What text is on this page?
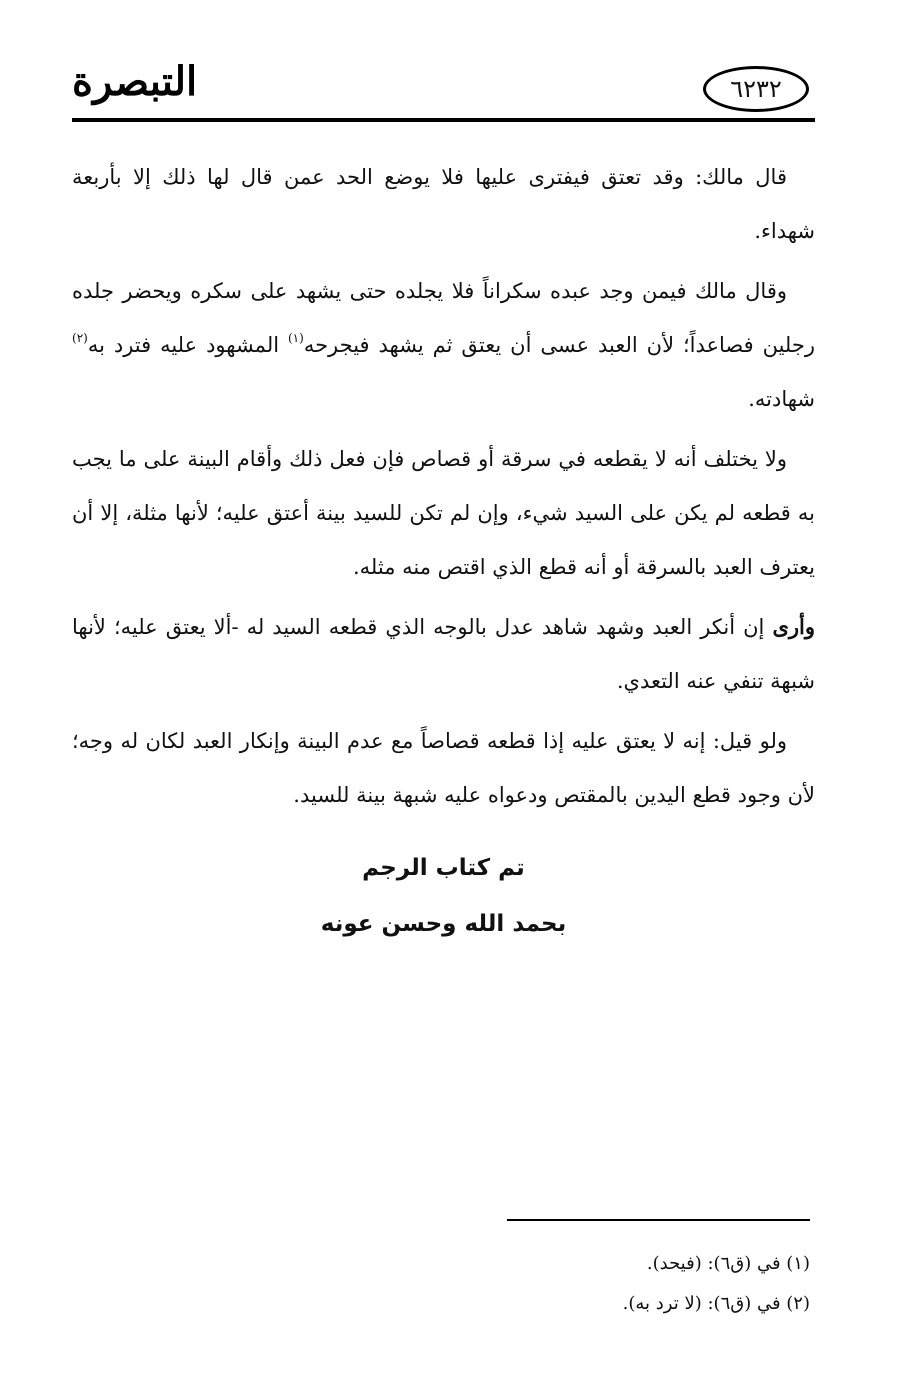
التبصرة	٦٢٣٢

قال مالك: وقد تعتق فيفترى عليها فلا يوضع الحد عمن قال لها ذلك إلا بأربعة شهداء.

وقال مالك فيمن وجد عبده سكراناً فلا يجلده حتى يشهد على سكره ويحضر جلده رجلين فصاعداً؛ لأن العبد عسى أن يعتق ثم يشهد فيجرحه$^{(١)}$ المشهود عليه فترد به$^{(٢)}$ شهادته.

ولا يختلف أنه لا يقطعه في سرقة أو قصاص فإن فعل ذلك وأقام البينة على ما يجب به قطعه لم يكن على السيد شيء، وإن لم تكن للسيد بينة أعتق عليه؛ لأنها مثلة، إلا أن يعترف العبد بالسرقة أو أنه قطع الذي اقتص منه مثله.

وأرى إن أنكر العبد وشهد شاهد عدل بالوجه الذي قطعه السيد له -ألا يعتق عليه؛ لأنها شبهة تنفي عنه التعدي.

ولو قيل: إنه لا يعتق عليه إذا قطعه قصاصاً مع عدم البينة وإنكار العبد لكان له وجه؛ لأن وجود قطع اليدين بالمقتص ودعواه عليه شبهة بينة للسيد.

تم كتاب الرجم
بحمد الله وحسن عونه
(١) في (ق٦): (فيحد).
(٢) في (ق٦): (لا ترد به).
